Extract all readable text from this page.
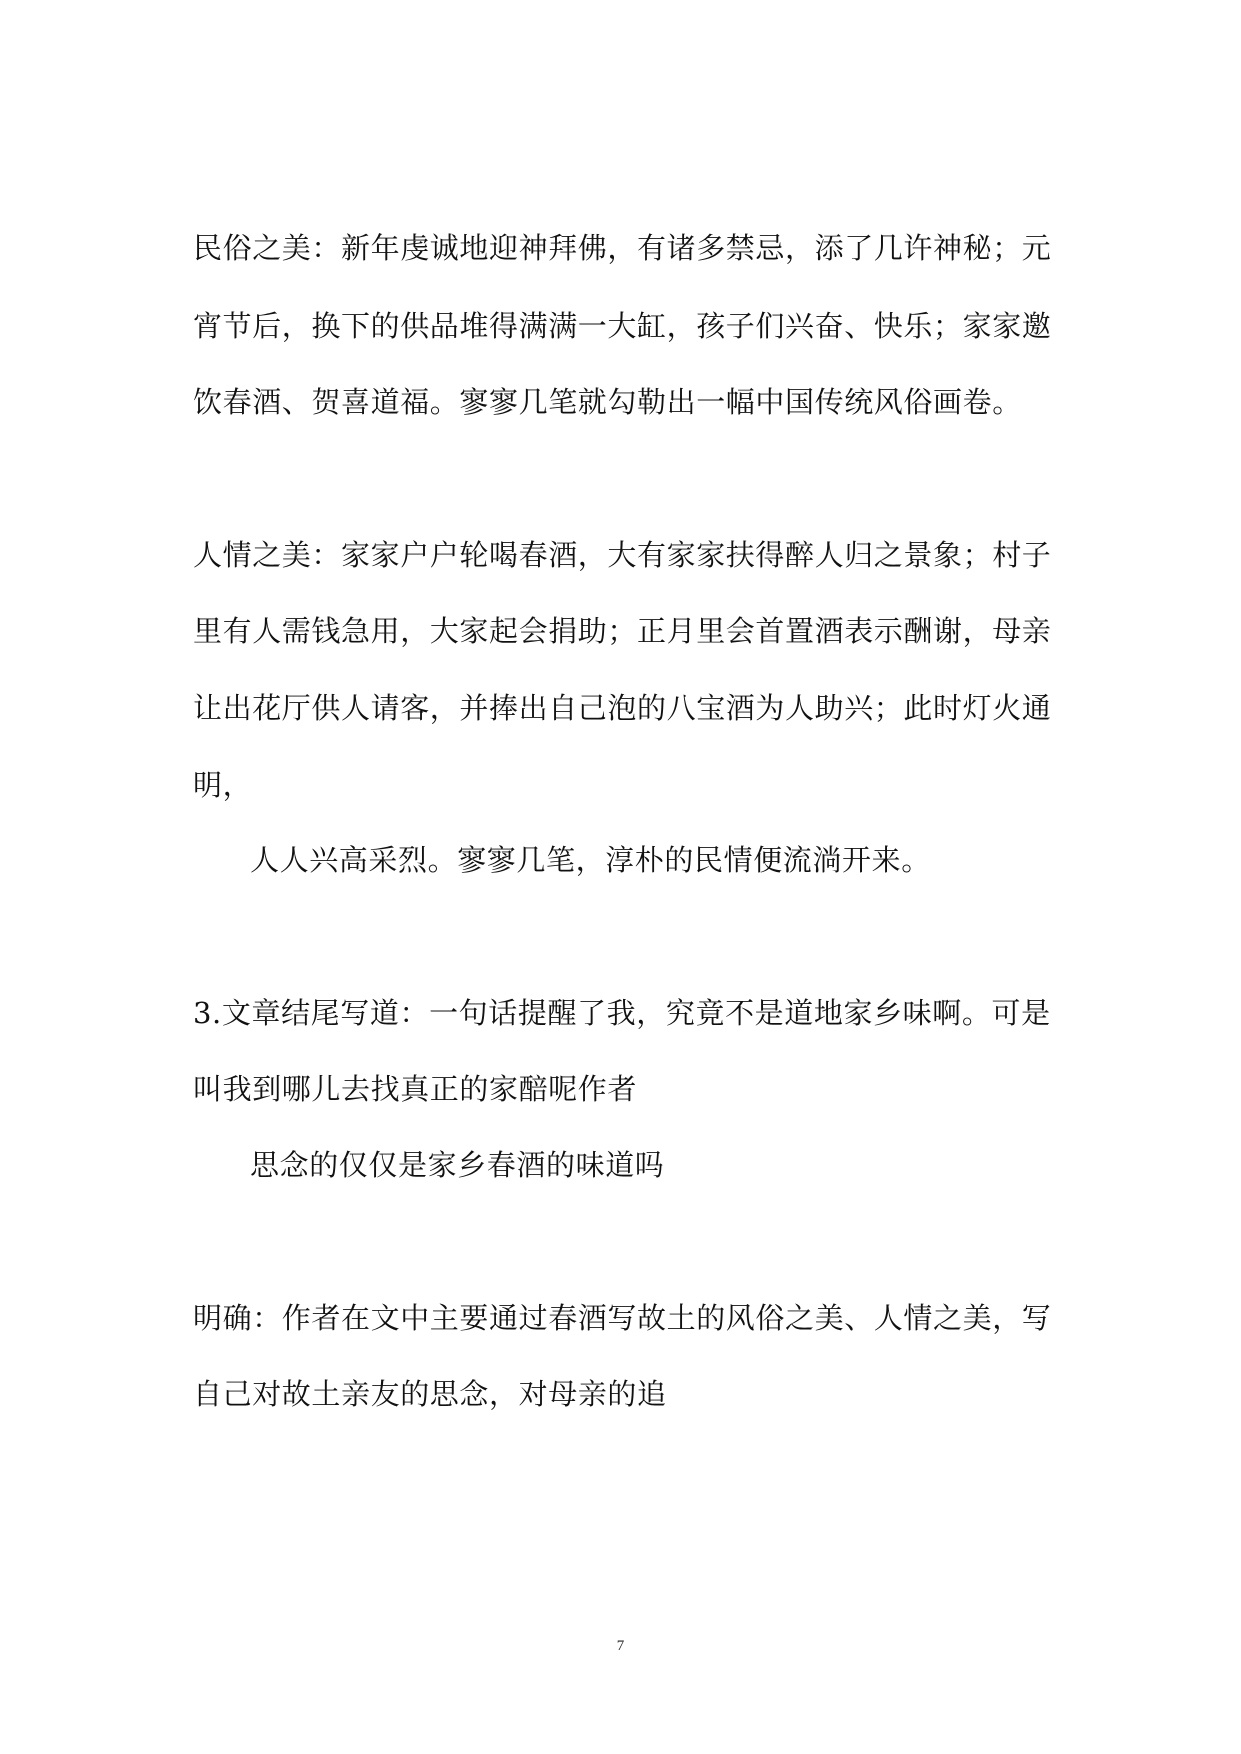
民俗之美：新年虔诚地迎神拜佛，有诸多禁忌，添了几许神秘；元
宵节后，换下的供品堆得满满一大缸，孩子们兴奋、快乐；家家邀
饮春酒、贺喜道福。寥寥几笔就勾勒出一幅中国传统风俗画卷。
人情之美：家家户户轮喝春酒，大有家家扶得醉人归之景象；村子
里有人需钱急用，大家起会捐助；正月里会首置酒表示酬谢，母亲
让出花厅供人请客，并捧出自己泡的八宝酒为人助兴；此时灯火通
明，
人人兴高采烈。寥寥几笔，淳朴的民情便流淌开来。
3.文章结尾写道：一句话提醒了我，究竟不是道地家乡味啊。可是
叫我到哪儿去找真正的家醅呢作者
思念的仅仅是家乡春酒的味道吗
明确：作者在文中主要通过春酒写故土的风俗之美、人情之美，写
自己对故土亲友的思念，对母亲的追
7
